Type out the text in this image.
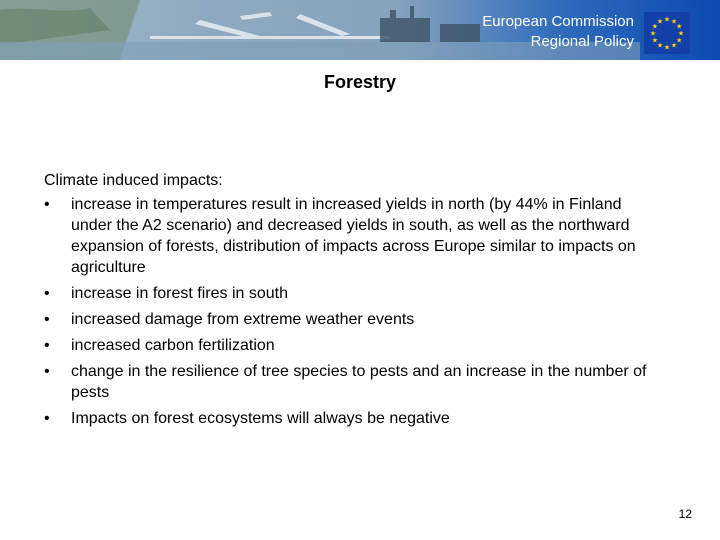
European Commission
Regional Policy
★ ★
★
★
★
★
★
★
★
★
★
★
Forestry
Climate induced impacts:
• increase in temperatures result in increased yields in north (by 44% in Finland under the A2 scenario) and decreased yields in south, as well as the northward expansion of forests, distribution of impacts across Europe similar to impacts on agriculture
• increase in forest fires in south
• increased damage from extreme weather events
• increased carbon fertilization
• change in the resilience of tree species to pests and an increase in the number of pests
• Impacts on forest ecosystems will always be negative
12
